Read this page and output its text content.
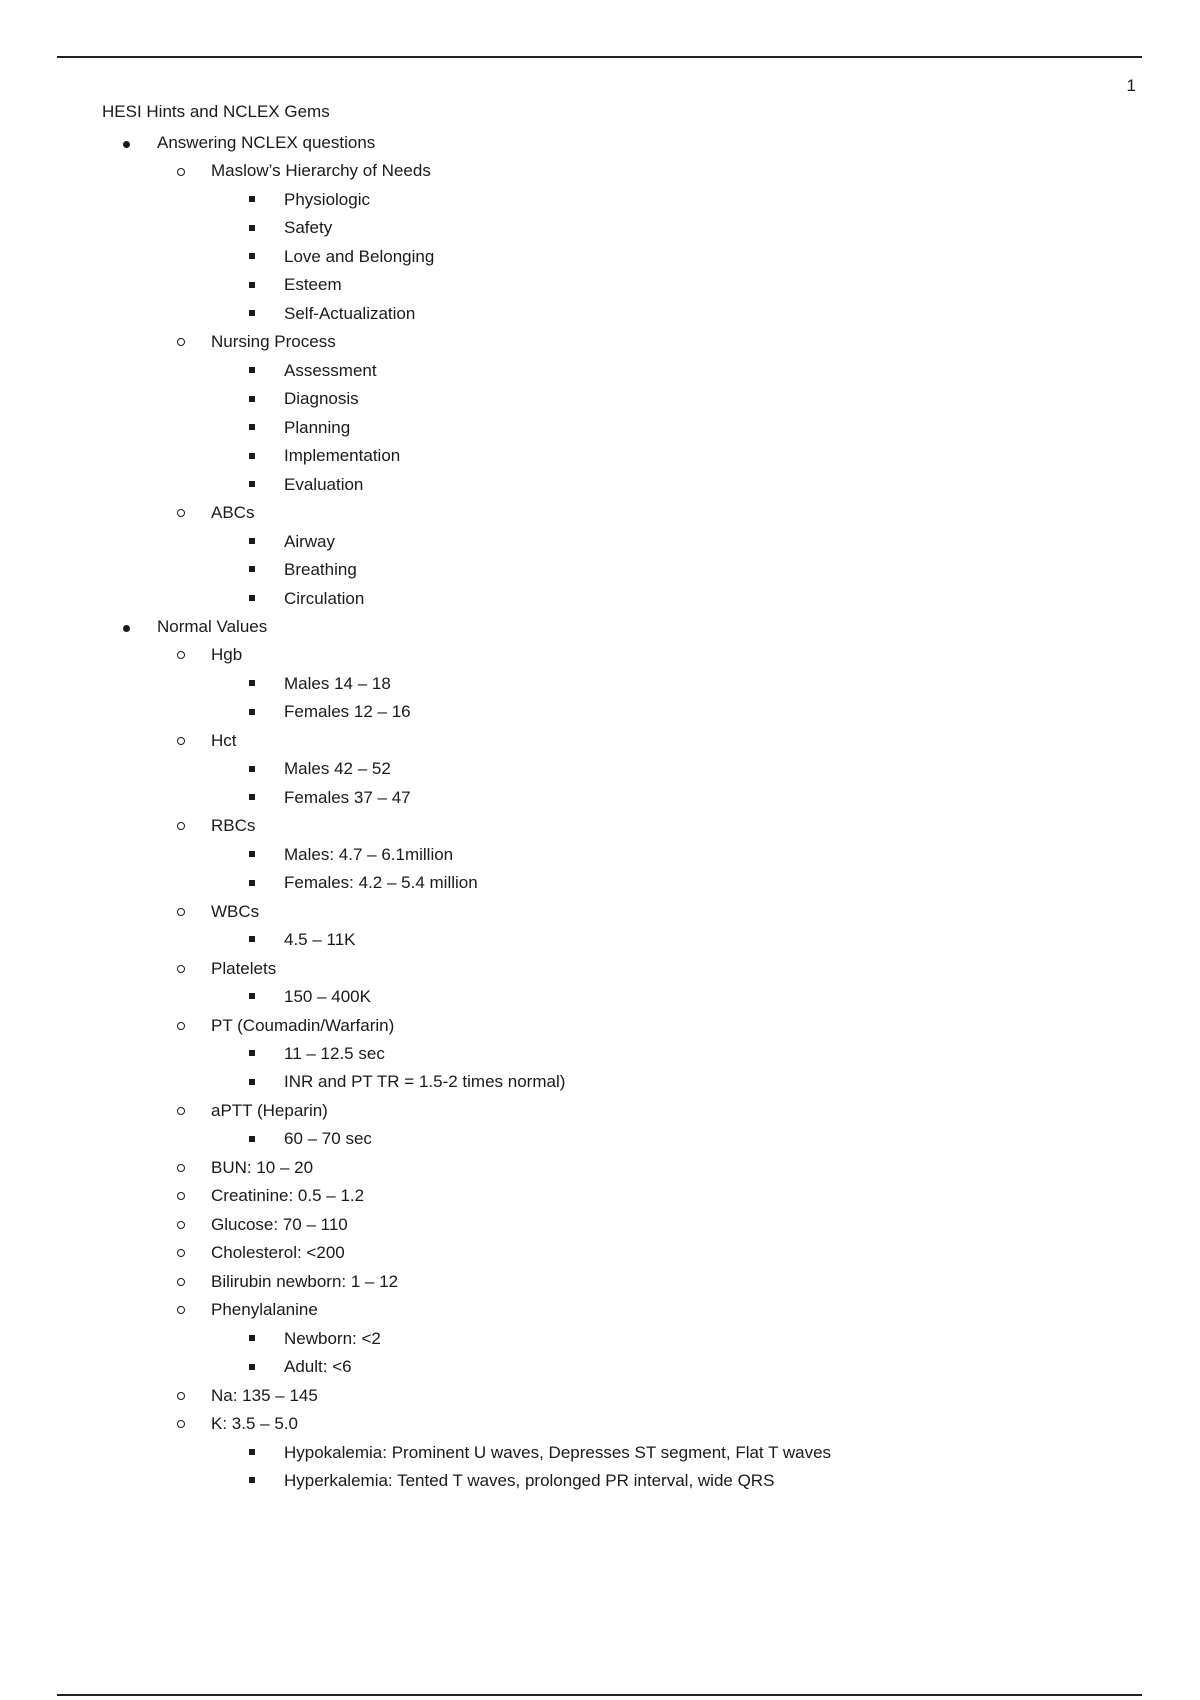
1
HESI Hints and NCLEX Gems
Answering NCLEX questions
Maslow’s Hierarchy of Needs
Physiologic
Safety
Love and Belonging
Esteem
Self-Actualization
Nursing Process
Assessment
Diagnosis
Planning
Implementation
Evaluation
ABCs
Airway
Breathing
Circulation
Normal Values
Hgb
Males 14 – 18
Females 12 – 16
Hct
Males 42 – 52
Females 37 – 47
RBCs
Males: 4.7 – 6.1million
Females: 4.2 – 5.4 million
WBCs
4.5 – 11K
Platelets
150 – 400K
PT (Coumadin/Warfarin)
11 – 12.5 sec
INR and PT TR = 1.5-2 times normal)
aPTT (Heparin)
60 – 70 sec
BUN: 10 – 20
Creatinine: 0.5 – 1.2
Glucose: 70 – 110
Cholesterol: <200
Bilirubin newborn: 1 – 12
Phenylalanine
Newborn: <2
Adult: <6
Na: 135 – 145
K: 3.5 – 5.0
Hypokalemia: Prominent U waves, Depresses ST segment, Flat T waves
Hyperkalemia: Tented T waves, prolonged PR interval, wide QRS
